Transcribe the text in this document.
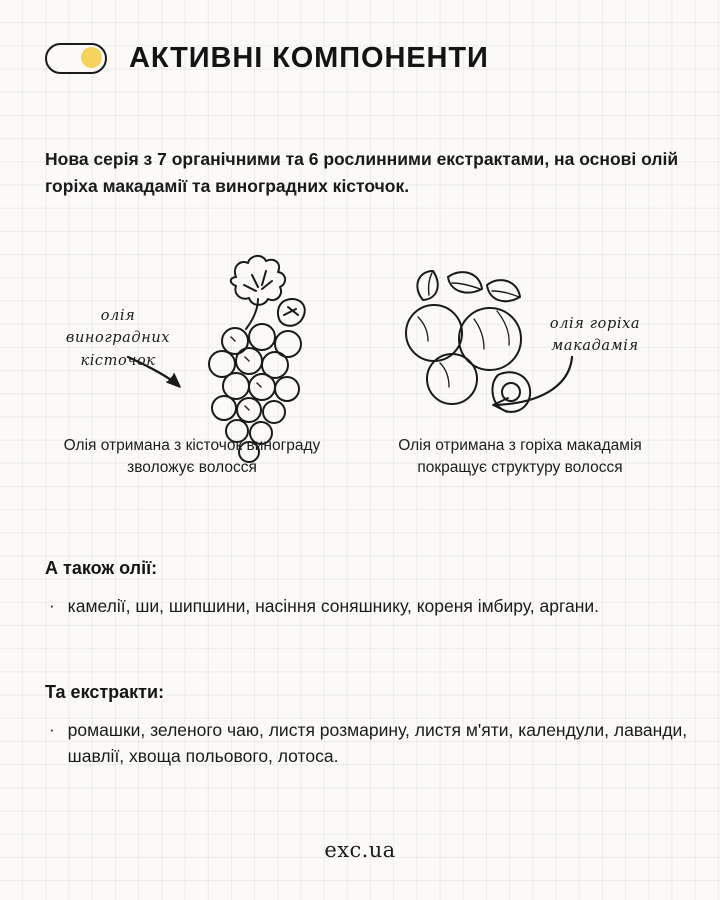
АКТИВНІ КОМПОНЕНТИ
Нова серія з 7 органічними та 6 рослинними екстрактами, на основі олій горіха макадамії та виноградних кісточок.
олія виноградних кісточок
олія горіха макадамія
Олія отримана з кісточок винограду зволожує волосся
Олія отримана з горіха макадамія покращує структуру волосся
А також олії:
· камелії, ши, шипшини, насіння соняшнику, кореня імбиру, аргани.
Та екстракти:
· ромашки, зеленого чаю, листя розмарину, листя м'яти, календули, лаванди, шавлії, хвоща польового, лотоса.
exc.ua
